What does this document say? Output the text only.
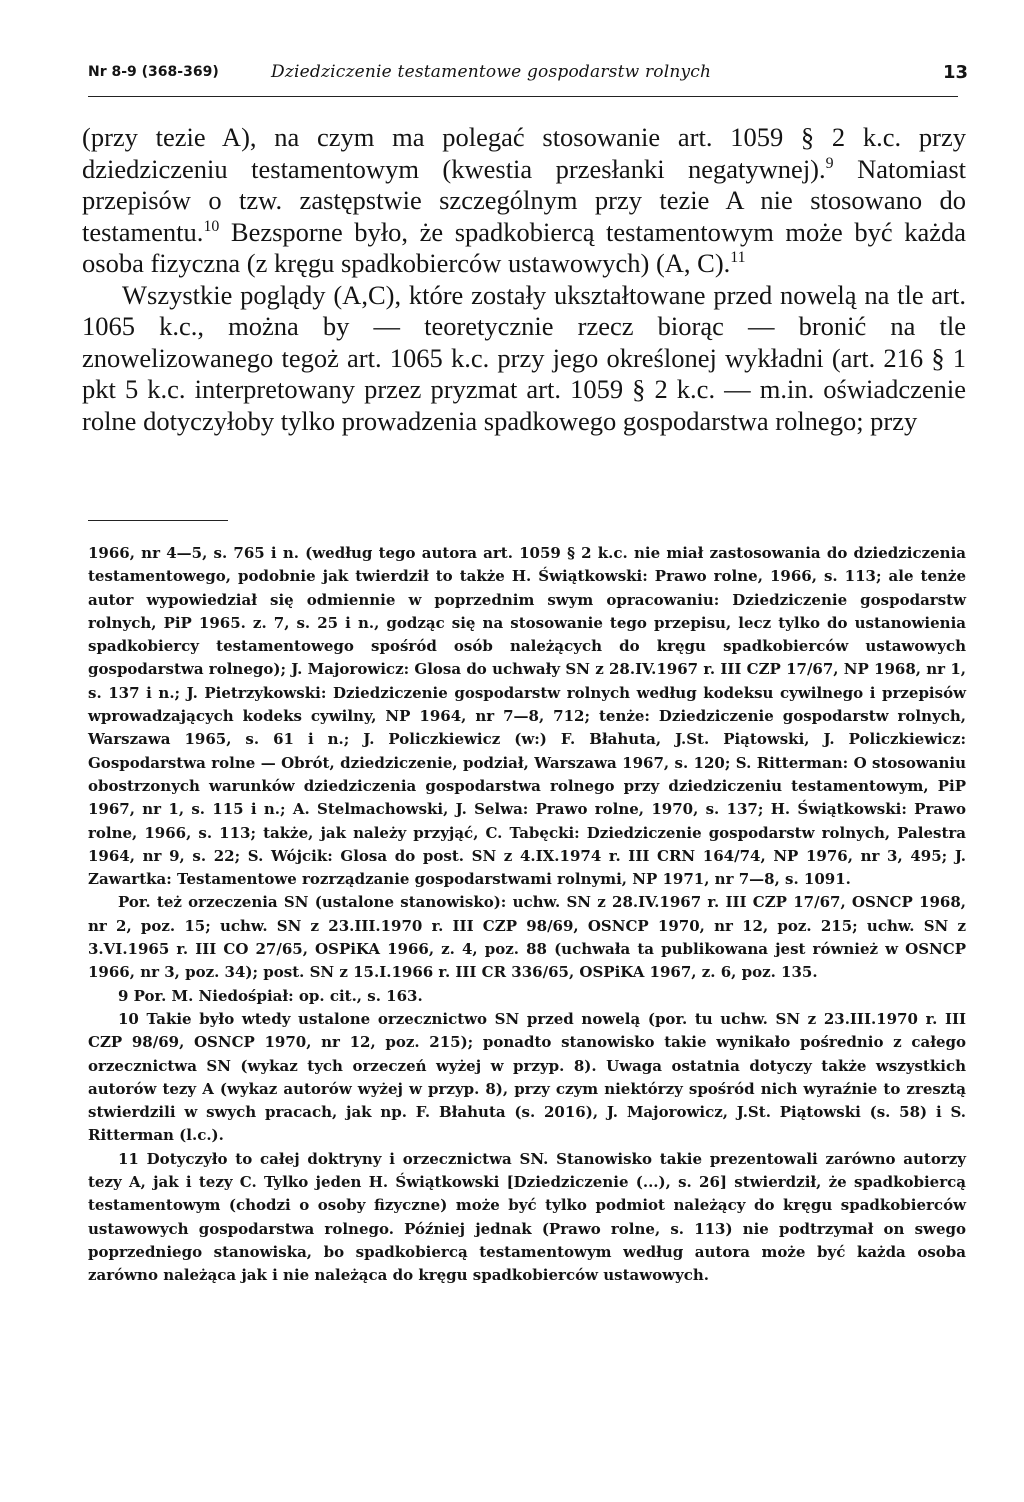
Nr 8-9 (368-369)	Dziedziczenie testamentowe gospodarstw rolnych	13

(przy tezie A), na czym ma polegać stosowanie art. 1059 § 2 k.c. przy dziedziczeniu testamentowym (kwestia przesłanki negatywnej).$^9$ Natomiast przepisów o tzw. zastępstwie szczególnym przy tezie A nie stosowano do testamentu.$^{10}$ Bezsporne było, że spadkobiercą testamentowym może być każda osoba fizyczna (z kręgu spadkobierców ustawowych) (A, C).$^{11}$

Wszystkie poglądy (A,C), które zostały ukształtowane przed nowelą na tle art. 1065 k.c., można by — teoretycznie rzecz biorąc — bronić na tle znowelizowanego tegoż art. 1065 k.c. przy jego określonej wykładni (art. 216 § 1 pkt 5 k.c. interpretowany przez pryzmat art. 1059 § 2 k.c. — m.in. oświadczenie rolne dotyczyłoby tylko prowadzenia spadkowego gospodarstwa rolnego; przy

1966, nr 4—5, s. 765 i n. (według tego autora art. 1059 § 2 k.c. nie miał zastosowania do dziedziczenia testamentowego, podobnie jak twierdził to także H. Świątkowski: Prawo rolne, 1966, s. 113; ale tenże autor wypowiedział się odmiennie w poprzednim swym opracowaniu: Dziedziczenie gospodarstw rolnych, PiP 1965. z. 7, s. 25 i n., godząc się na stosowanie tego przepisu, lecz tylko do ustanowienia spadkobiercy testamentowego spośród osób należących do kręgu spadkobierców ustawowych gospodarstwa rolnego); J. Majorowicz: Glosa do uchwały SN z 28.IV.1967 r. III CZP 17/67, NP 1968, nr 1, s. 137 i n.; J. Pietrzykowski: Dziedziczenie gospodarstw rolnych według kodeksu cywilnego i przepisów wprowadzających kodeks cywilny, NP 1964, nr 7—8, 712; tenże: Dziedziczenie gospodarstw rolnych, Warszawa 1965, s. 61 i n.; J. Policzkiewicz (w:) F. Błahuta, J.St. Piątowski, J. Policzkiewicz: Gospodarstwa rolne — Obrót, dziedziczenie, podział, Warszawa 1967, s. 120; S. Ritterman: O stosowaniu obostrzonych warunków dziedziczenia gospodarstwa rolnego przy dziedziczeniu testamentowym, PiP 1967, nr 1, s. 115 i n.; A. Stelmachowski, J. Selwa: Prawo rolne, 1970, s. 137; H. Świątkowski: Prawo rolne, 1966, s. 113; także, jak należy przyjąć, C. Tabęcki: Dziedziczenie gospodarstw rolnych, Palestra 1964, nr 9, s. 22; S. Wójcik: Glosa do post. SN z 4.IX.1974 r. III CRN 164/74, NP 1976, nr 3, 495; J. Zawartka: Testamentowe rozrządzanie gospodarstwami rolnymi, NP 1971, nr 7—8, s. 1091.

Por. też orzeczenia SN (ustalone stanowisko): uchw. SN z 28.IV.1967 r. III CZP 17/67, OSNCP 1968, nr 2, poz. 15; uchw. SN z 23.III.1970 r. III CZP 98/69, OSNCP 1970, nr 12, poz. 215; uchw. SN z 3.VI.1965 r. III CO 27/65, OSPiKA 1966, z. 4, poz. 88 (uchwała ta publikowana jest również w OSNCP 1966, nr 3, poz. 34); post. SN z 15.I.1966 r. III CR 336/65, OSPiKA 1967, z. 6, poz. 135.

9 Por. M. Niedośpiał: op. cit., s. 163.

10 Takie było wtedy ustalone orzecznictwo SN przed nowelą (por. tu uchw. SN z 23.III.1970 r. III CZP 98/69, OSNCP 1970, nr 12, poz. 215); ponadto stanowisko takie wynikało pośrednio z całego orzecznictwa SN (wykaz tych orzeczeń wyżej w przyp. 8). Uwaga ostatnia dotyczy także wszystkich autorów tezy A (wykaz autorów wyżej w przyp. 8), przy czym niektórzy spośród nich wyraźnie to zresztą stwierdzili w swych pracach, jak np. F. Błahuta (s. 2016), J. Majorowicz, J.St. Piątowski (s. 58) i S. Ritterman (l.c.).

11 Dotyczyło to całej doktryny i orzecznictwa SN. Stanowisko takie prezentowali zarówno autorzy tezy A, jak i tezy C. Tylko jeden H. Świątkowski [Dziedziczenie (...), s. 26] stwierdził, że spadkobiercą testamentowym (chodzi o osoby fizyczne) może być tylko podmiot należący do kręgu spadkobierców ustawowych gospodarstwa rolnego. Później jednak (Prawo rolne, s. 113) nie podtrzymał on swego poprzedniego stanowiska, bo spadkobiercą testamentowym według autora może być każda osoba zarówno należąca jak i nie należąca do kręgu spadkobierców ustawowych.
